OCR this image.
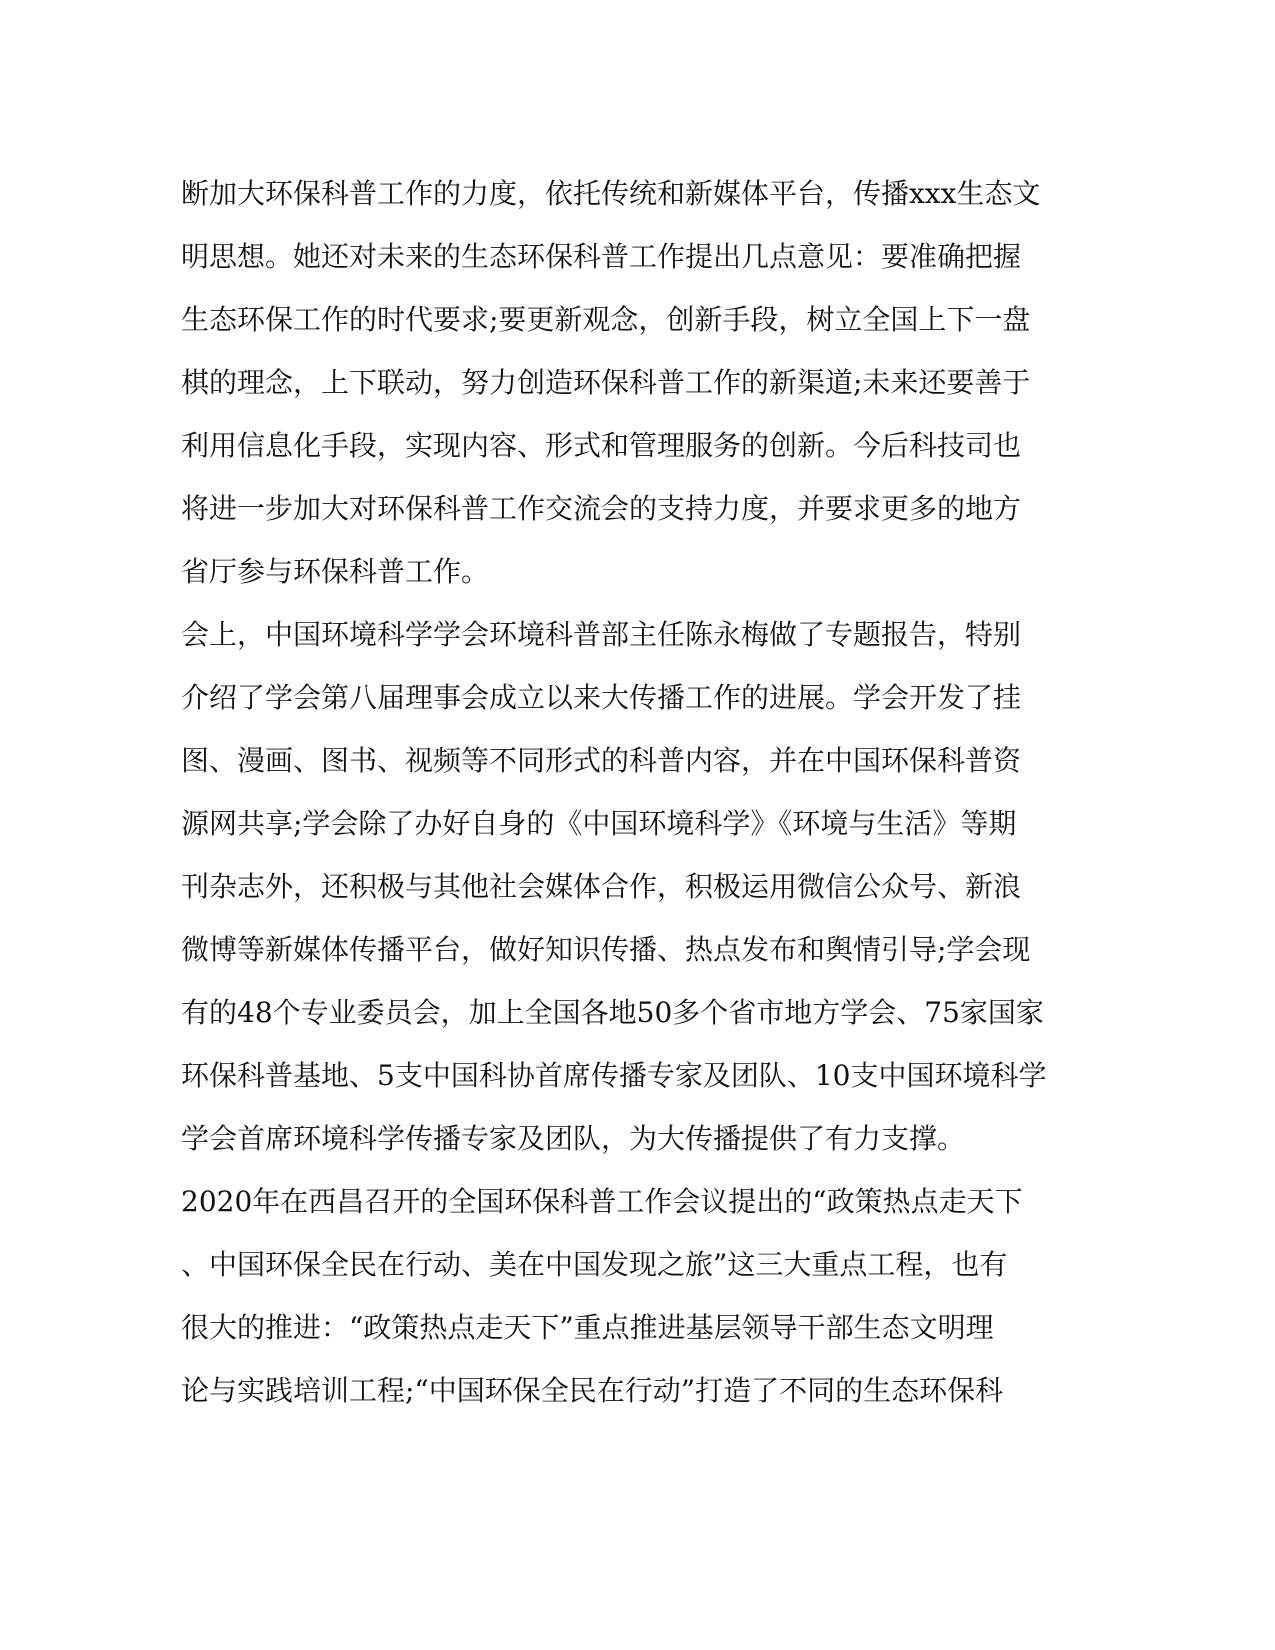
断加大环保科普工作的力度，依托传统和新媒体平台，传播xxx生态文
明思想。她还对未来的生态环保科普工作提出几点意见：要准确把握
生态环保工作的时代要求;要更新观念，创新手段，树立全国上下一盘
棋的理念，上下联动，努力创造环保科普工作的新渠道;未来还要善于
利用信息化手段，实现内容、形式和管理服务的创新。今后科技司也
将进一步加大对环保科普工作交流会的支持力度，并要求更多的地方
省厅参与环保科普工作。
会上，中国环境科学学会环境科普部主任陈永梅做了专题报告，特别
介绍了学会第八届理事会成立以来大传播工作的进展。学会开发了挂
图、漫画、图书、视频等不同形式的科普内容，并在中国环保科普资
源网共享;学会除了办好自身的《中国环境科学》《环境与生活》等期
刊杂志外，还积极与其他社会媒体合作，积极运用微信公众号、新浪
微博等新媒体传播平台，做好知识传播、热点发布和舆情引导;学会现
有的48个专业委员会，加上全国各地50多个省市地方学会、75家国家
环保科普基地、5支中国科协首席传播专家及团队、10支中国环境科学
学会首席环境科学传播专家及团队，为大传播提供了有力支撑。
2020年在西昌召开的全国环保科普工作会议提出的“政策热点走天下
、中国环保全民在行动、美在中国发现之旅”这三大重点工程，也有
很大的推进：“政策热点走天下”重点推进基层领导干部生态文明理
论与实践培训工程;“中国环保全民在行动”打造了不同的生态环保科
